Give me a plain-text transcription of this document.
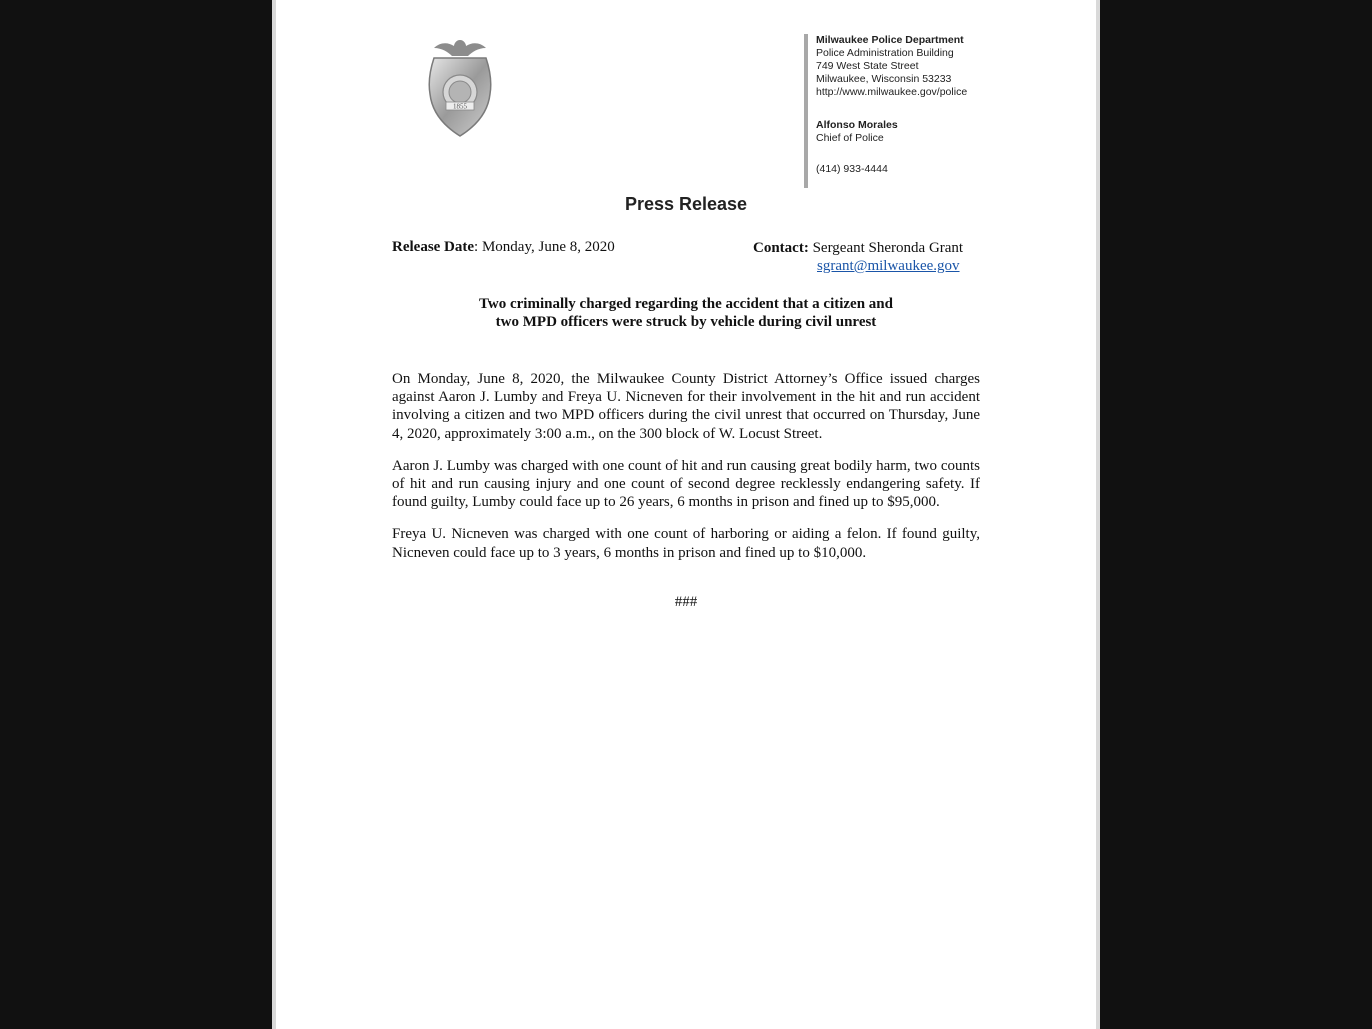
1855
Milwaukee Police Department
Police Administration Building
749 West State Street
Milwaukee, Wisconsin 53233
http://www.milwaukee.gov/police
Alfonso Morales
Chief of Police
(414) 933-4444
Press Release
Release Date: Monday, June 8, 2020	Contact: Sergeant Sheronda Grant
sgrant@milwaukee.gov
Two criminally charged regarding the accident that a citizen and
two MPD officers were struck by vehicle during civil unrest

On Monday, June 8, 2020, the Milwaukee County District Attorney’s Office issued charges against Aaron J. Lumby and Freya U. Nicneven for their involvement in the hit and run accident involving a citizen and two MPD officers during the civil unrest that occurred on Thursday, June 4, 2020, approximately 3:00 a.m., on the 300 block of W. Locust Street.

Aaron J. Lumby was charged with one count of hit and run causing great bodily harm, two counts of hit and run causing injury and one count of second degree recklessly endangering safety. If found guilty, Lumby could face up to 26 years, 6 months in prison and fined up to $95,000.

Freya U. Nicneven was charged with one count of harboring or aiding a felon. If found guilty, Nicneven could face up to 3 years, 6 months in prison and fined up to $10,000.

###
